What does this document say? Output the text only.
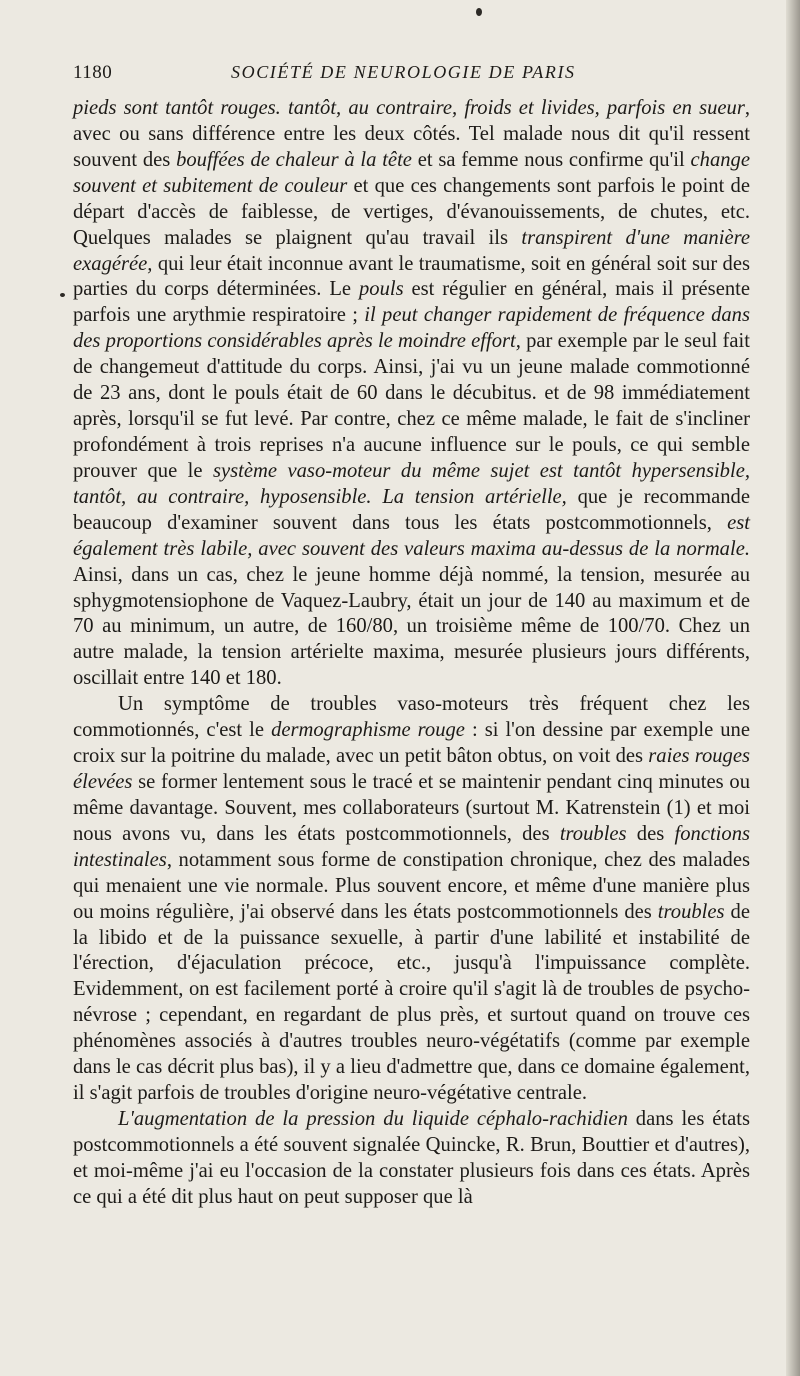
1180	SOCIÉTÉ DE NEUROLOGIE DE PARIS

pieds sont tantôt rouges. tantôt, au contraire, froids et livides, parfois en sueur, avec ou sans différence entre les deux côtés. Tel malade nous dit qu'il ressent souvent des bouffées de chaleur à la tête et sa femme nous confirme qu'il change souvent et subitement de couleur et que ces changements sont parfois le point de départ d'accès de faiblesse, de vertiges, d'évanouissements, de chutes, etc. Quelques malades se plaignent qu'au travail ils transpirent d'une manière exagérée, qui leur était inconnue avant le traumatisme, soit en général soit sur des parties du corps déterminées. Le pouls est régulier en général, mais il présente parfois une arythmie respiratoire ; il peut changer rapidement de fréquence dans des proportions considérables après le moindre effort, par exemple par le seul fait de changemeut d'attitude du corps. Ainsi, j'ai vu un jeune malade commotionné de 23 ans, dont le pouls était de 60 dans le décubitus. et de 98 immédiatement après, lorsqu'il se fut levé. Par contre, chez ce même malade, le fait de s'incliner profondément à trois reprises n'a aucune influence sur le pouls, ce qui semble prouver que le système vaso-moteur du même sujet est tantôt hypersensible, tantôt, au contraire, hyposensible. La tension artérielle, que je recommande beaucoup d'examiner souvent dans tous les états postcommotionnels, est également très labile, avec souvent des valeurs maxima au-dessus de la normale. Ainsi, dans un cas, chez le jeune homme déjà nommé, la tension, mesurée au sphygmotensiophone de Vaquez-Laubry, était un jour de 140 au maximum et de 70 au minimum, un autre, de 160/80, un troisième même de 100/70. Chez un autre malade, la tension artérielte maxima, mesurée plusieurs jours différents, oscillait entre 140 et 180.

Un symptôme de troubles vaso-moteurs très fréquent chez les commotionnés, c'est le dermographisme rouge : si l'on dessine par exemple une croix sur la poitrine du malade, avec un petit bâton obtus, on voit des raies rouges élevées se former lentement sous le tracé et se maintenir pendant cinq minutes ou même davantage. Souvent, mes collaborateurs (surtout M. Katrenstein (1) et moi nous avons vu, dans les états postcommotionnels, des troubles des fonctions intestinales, notamment sous forme de constipation chronique, chez des malades qui menaient une vie normale. Plus souvent encore, et même d'une manière plus ou moins régulière, j'ai observé dans les états postcommotionnels des troubles de la libido et de la puissance sexuelle, à partir d'une labilité et instabilité de l'érection, d'éjaculation précoce, etc., jusqu'à l'impuissance complète. Evidemment, on est facilement porté à croire qu'il s'agit là de troubles de psycho-névrose ; cependant, en regardant de plus près, et surtout quand on trouve ces phénomènes associés à d'autres troubles neuro-végétatifs (comme par exemple dans le cas décrit plus bas), il y a lieu d'admettre que, dans ce domaine également, il s'agit parfois de troubles d'origine neuro-végétative centrale.

L'augmentation de la pression du liquide céphalo-rachidien dans les états postcommotionnels a été souvent signalée Quincke, R. Brun, Bouttier et d'autres), et moi-même j'ai eu l'occasion de la constater plusieurs fois dans ces états. Après ce qui a été dit plus haut on peut supposer que là
